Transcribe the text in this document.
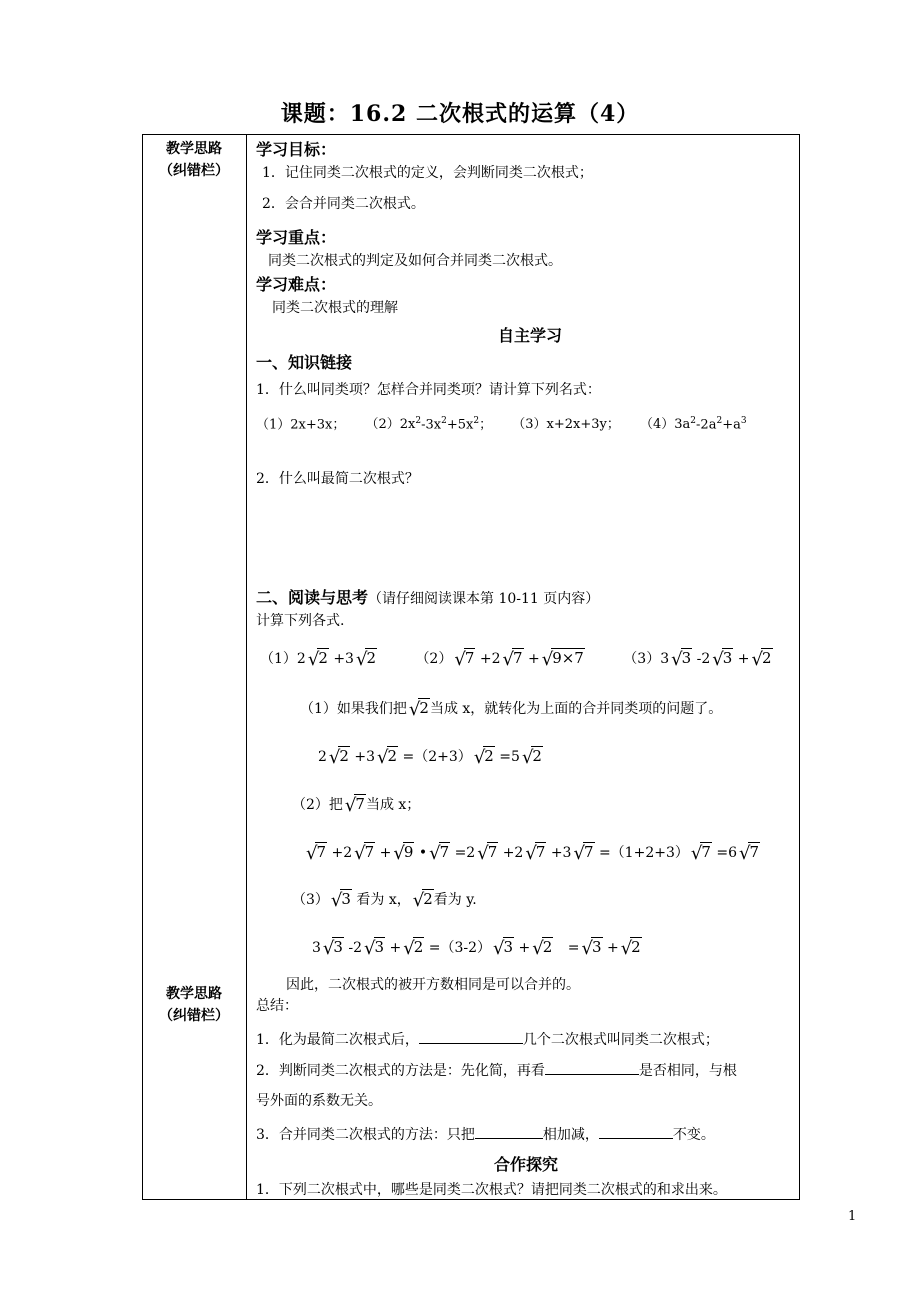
课题：16.2 二次根式的运算（4）
教学思路
（纠错栏）
教学思路
（纠错栏）
学习目标：
1．记住同类二次根式的定义，会判断同类二次根式；
2．会合并同类二次根式。
学习重点：
同类二次根式的判定及如何合并同类二次根式。
学习难点：
同类二次根式的理解
自主学习
一、知识链接
1．什么叫同类项？怎样合并同类项？请计算下列名式：
（1）2x+3x； $(2)2x^2-3x^2+5x^2$； （3）x+2x+3y； $(4)3a^2-2a^2+a^3$
2．什么叫最简二次根式？
二、阅读与思考（请仔细阅读课本第 10-11 页内容）
计算下列各式.
（1）2 √2 +3 √2	（2） √7 +2 √7 + √9×7	（3）3 √3 -2 √3 + √2
（1）如果我们把 √2当成 x，就转化为上面的合并同类项的问题了。
2 √2 +3 √2 =（2+3） √2 =5 √2
（2）把 √7当成 x；
√7 +2 √7 + √9 • √7 =2 √7 +2 √7 +3 √7 =（1+2+3） √7 =6 √7
（3） √3 看为 x， √2看为 y.
3 √3 -2 √3 + √2 =（3-2） √3 + √2 = √3 + √2
因此，二次根式的被开方数相同是可以合并的。
总结：
1．化为最简二次根式后，	几个二次根式叫同类二次根式；
2．判断同类二次根式的方法是：先化简，再看	是否相同，与根
号外面的系数无关。
3．合并同类二次根式的方法：只把	相加减，	不变。
合作探究
1．下列二次根式中，哪些是同类二次根式？请把同类二次根式的和求出来。
1
